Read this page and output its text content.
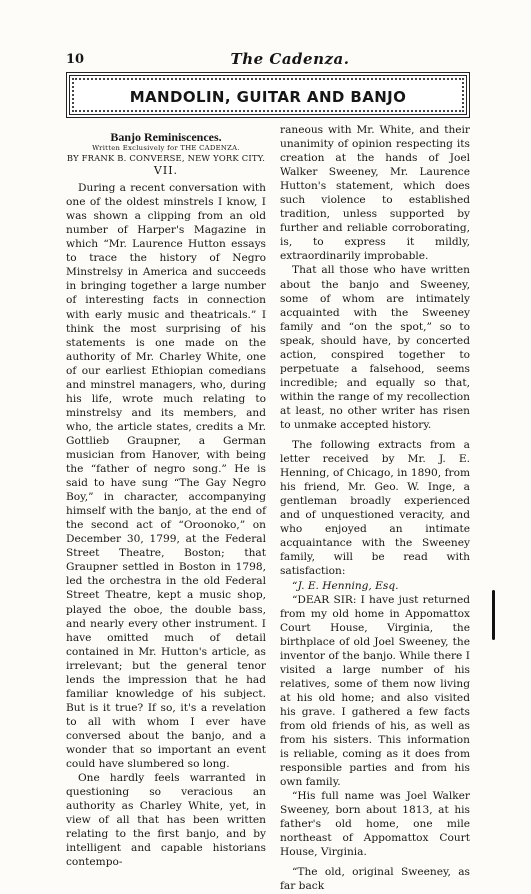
10	The Cadenza.
MANDOLIN, GUITAR AND BANJO

Banjo Reminiscences.

Written Exclusively for THE CADENZA.

BY FRANK B. CONVERSE, NEW YORK CITY.

VII.

During a recent conversation with one of the oldest minstrels I know, I was shown a clipping from an old number of Harper's Magazine in which “Mr. Laurence Hutton essays to trace the history of Negro Minstrelsy in America and succeeds in bringing together a large number of interesting facts in connection with early music and theatricals.” I think the most surprising of his statements is one made on the authority of Mr. Charley White, one of our earliest Ethiopian comedians and minstrel managers, who, during his life, wrote much relating to minstrelsy and its members, and who, the article states, credits a Mr. Gottlieb Graupner, a German musician from Hanover, with being the “father of negro song.” He is said to have sung “The Gay Negro Boy,” in character, accompanying himself with the banjo, at the end of the second act of “Oroonoko,” on December 30, 1799, at the Federal Street Theatre, Boston; that Graupner settled in Boston in 1798, led the orchestra in the old Federal Street Theatre, kept a music shop, played the oboe, the double bass, and nearly every other instrument. I have omitted much of detail contained in Mr. Hutton's article, as irrelevant; but the general tenor lends the impression that he had familiar knowledge of his subject. But is it true? If so, it's a revelation to all with whom I ever have conversed about the banjo, and a wonder that so important an event could have slumbered so long.

One hardly feels warranted in questioning so veracious an authority as Charley White, yet, in view of all that has been written relating to the first banjo, and by intelligent and capable historians contempo-

raneous with Mr. White, and their unanimity of opinion respecting its creation at the hands of Joel Walker Sweeney, Mr. Laurence Hutton's statement, which does such violence to established tradition, unless supported by further and reliable corroborating, is, to express it mildly, extraordinarily improbable.

That all those who have written about the banjo and Sweeney, some of whom are intimately acquainted with the Sweeney family and “on the spot,” so to speak, should have, by concerted action, conspired together to perpetuate a falsehood, seems incredible; and equally so that, within the range of my recollection at least, no other writer has risen to unmake accepted history.

The following extracts from a letter received by Mr. J. E. Henning, of Chicago, in 1890, from his friend, Mr. Geo. W. Inge, a gentleman broadly experienced and of unquestioned veracity, and who enjoyed an intimate acquaintance with the Sweeney family, will be read with satisfaction:

“J. E. Henning, Esq.

“DEAR SIR: I have just returned from my old home in Appomattox Court House, Virginia, the birthplace of old Joel Sweeney, the inventor of the banjo. While there I visited a large number of his relatives, some of them now living at his old home; and also visited his grave. I gathered a few facts from old friends of his, as well as from his sisters. This information is reliable, coming as it does from responsible parties and from his own family.

“His full name was Joel Walker Sweeney, born about 1813, at his father's old home, one mile northeast of Appomattox Court House, Virginia.

“The old, original Sweeney, as far back
